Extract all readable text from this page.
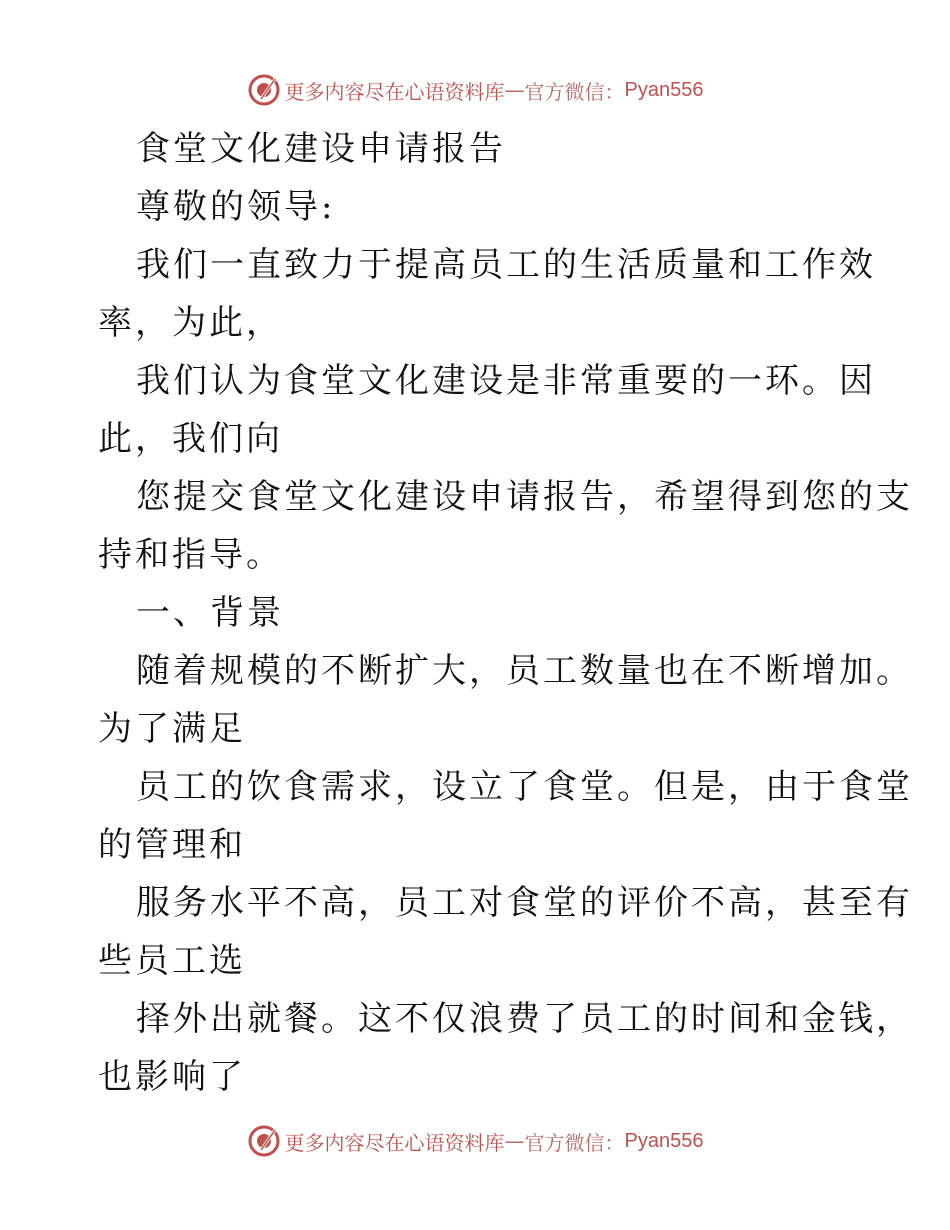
更多内容尽在心语资料库 — 官方微信： Pyan556
食堂文化建设申请报告
尊敬的领导:
我们一直致力于提高员工的生活质量和工作效
率，为此，
我们认为食堂文化建设是非常重要的一环。因
此，我们向
您提交食堂文化建设申请报告，希望得到您的支
持和指导。
一、背景
随着规模的不断扩大，员工数量也在不断增加。
为了满足
员工的饮食需求，设立了食堂。但是，由于食堂
的管理和
服务水平不高，员工对食堂的评价不高，甚至有
些员工选
择外出就餐。这不仅浪费了员工的时间和金钱，
也影响了
更多内容尽在心语资料库 — 官方微信： Pyan556
